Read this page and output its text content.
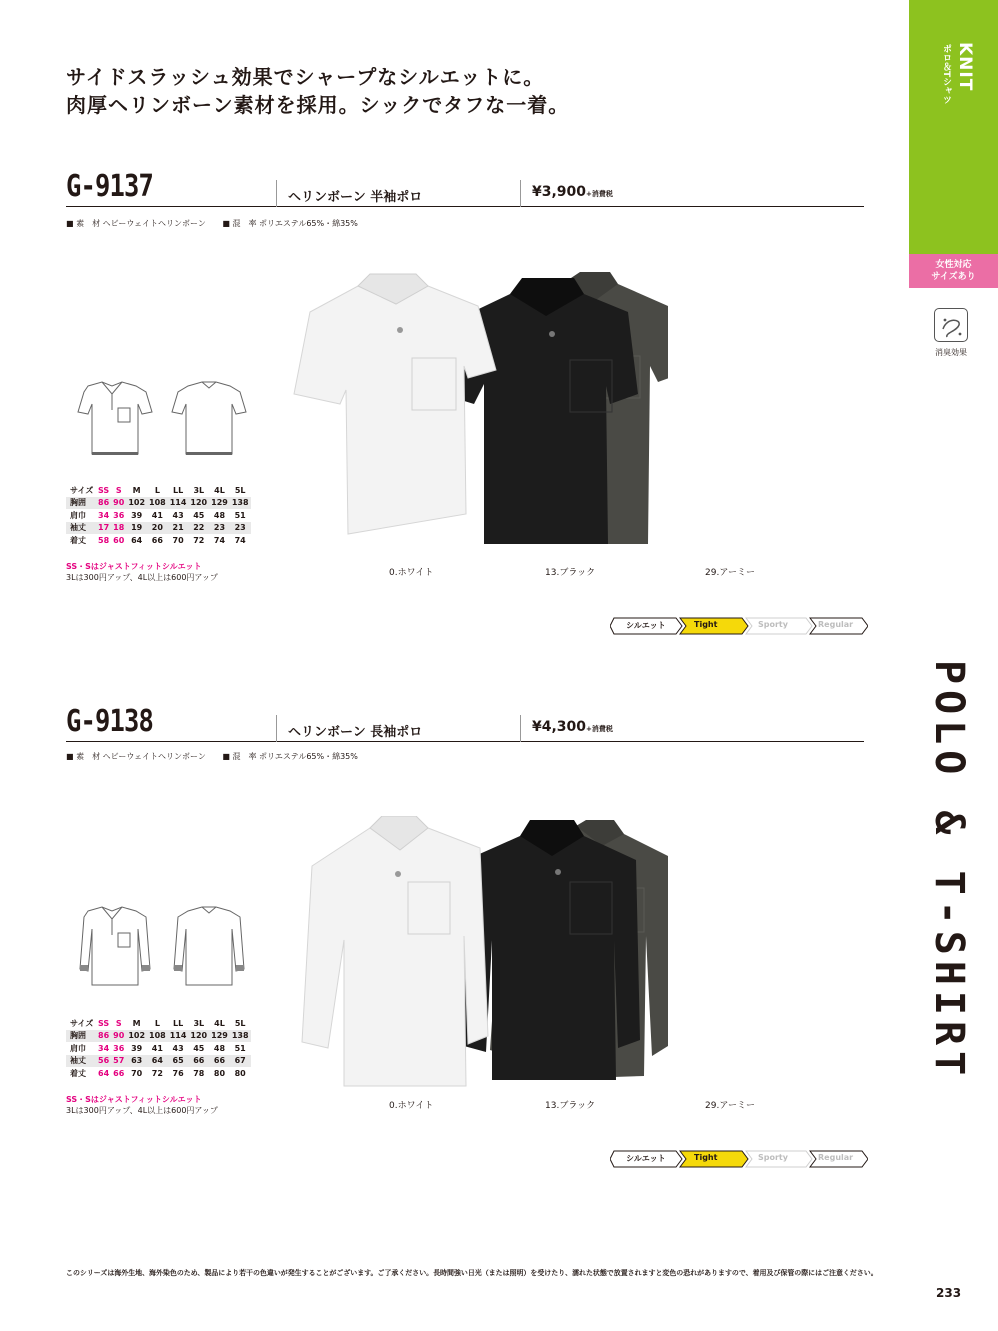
KNIT
ポロ＆Tシャツ
女性対応
サイズあり
消臭効果
POLO & T-SHIRT
サイドスラッシュ効果でシャープなシルエットに。
肉厚ヘリンボーン素材を採用。シックでタフな一着。
G-9137	ヘリンボーン 半袖ポロ	¥3,900+消費税
■ 素　材 ヘビーウェイトヘリンボーン ■ 混　率 ポリエステル65%・綿35%
サイズ	SS	S	M	L	LL	3L	4L	5L
胸囲	86	90	102	108	114	120	129	138
肩巾	34	36	39	41	43	45	48	51
袖丈	17	18	19	20	21	22	23	23
着丈	58	60	64	66	70	72	74	74
SS・Sはジャストフィットシルエット
3Lは300円アップ、4L以上は600円アップ	0.ホワイト	13.ブラック	29.アーミー
シルエット	Tight	Sporty	Regular
G-9138	ヘリンボーン 長袖ポロ	¥4,300+消費税
■ 素　材 ヘビーウェイトヘリンボーン ■ 混　率 ポリエステル65%・綿35%
サイズ	SS	S	M	L	LL	3L	4L	5L
胸囲	86	90	102	108	114	120	129	138
肩巾	34	36	39	41	43	45	48	51
袖丈	56	57	63	64	65	66	66	67
着丈	64	66	70	72	76	78	80	80
SS・Sはジャストフィットシルエット
3Lは300円アップ、4L以上は600円アップ	0.ホワイト	13.ブラック	29.アーミー
シルエット	Tight	Sporty	Regular
このシリーズは海外生地、海外染色のため、製品により若干の色違いが発生することがございます。ご了承ください。長時間強い日光（または照明）を受けたり、濡れた状態で放置されますと変色の恐れがありますので、着用及び保管の際にはご注意ください。
233
